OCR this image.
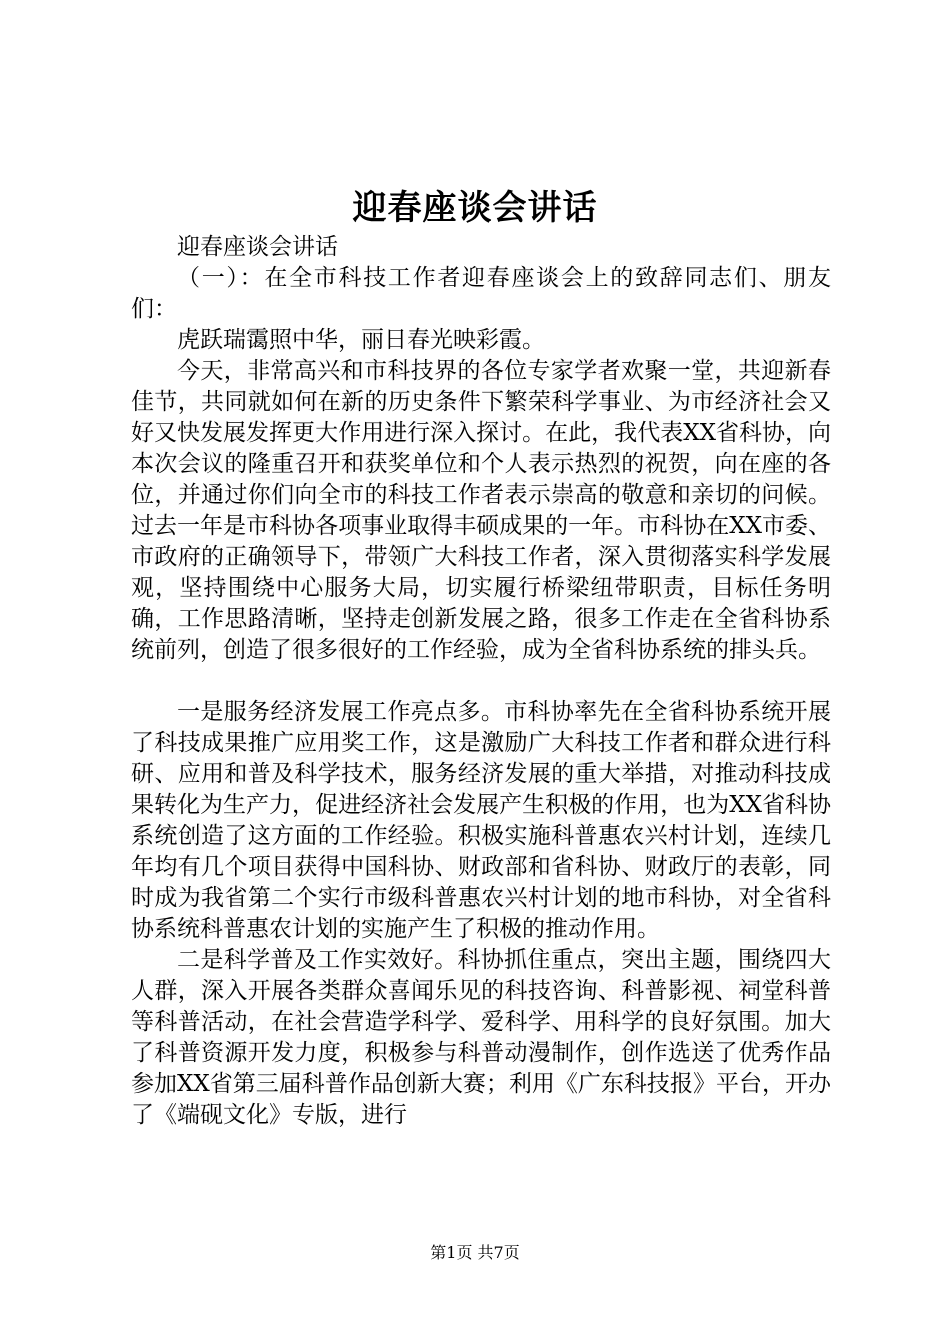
迎春座谈会讲话

迎春座谈会讲话

（一）：在全市科技工作者迎春座谈会上的致辞同志们、朋友们：

虎跃瑞霭照中华，丽日春光映彩霞。

今天，非常高兴和市科技界的各位专家学者欢聚一堂，共迎新春佳节，共同就如何在新的历史条件下繁荣科学事业、为市经济社会又好又快发展发挥更大作用进行深入探讨。在此，我代表XX省科协，向本次会议的隆重召开和获奖单位和个人表示热烈的祝贺，向在座的各位，并通过你们向全市的科技工作者表示崇高的敬意和亲切的问候。过去一年是市科协各项事业取得丰硕成果的一年。市科协在XX市委、市政府的正确领导下，带领广大科技工作者，深入贯彻落实科学发展观，坚持围绕中心服务大局，切实履行桥梁纽带职责，目标任务明确，工作思路清晰，坚持走创新发展之路，很多工作走在全省科协系统前列，创造了很多很好的工作经验，成为全省科协系统的排头兵。

一是服务经济发展工作亮点多。市科协率先在全省科协系统开展了科技成果推广应用奖工作，这是激励广大科技工作者和群众进行科研、应用和普及科学技术，服务经济发展的重大举措，对推动科技成果转化为生产力，促进经济社会发展产生积极的作用，也为XX省科协系统创造了这方面的工作经验。积极实施科普惠农兴村计划，连续几年均有几个项目获得中国科协、财政部和省科协、财政厅的表彰，同时成为我省第二个实行市级科普惠农兴村计划的地市科协，对全省科协系统科普惠农计划的实施产生了积极的推动作用。

二是科学普及工作实效好。科协抓住重点，突出主题，围绕四大人群，深入开展各类群众喜闻乐见的科技咨询、科普影视、祠堂科普等科普活动，在社会营造学科学、爱科学、用科学的良好氛围。加大了科普资源开发力度，积极参与科普动漫制作，创作选送了优秀作品参加XX省第三届科普作品创新大赛；利用《广东科技报》平台，开办了《端砚文化》专版，进行

第1页 共7页
